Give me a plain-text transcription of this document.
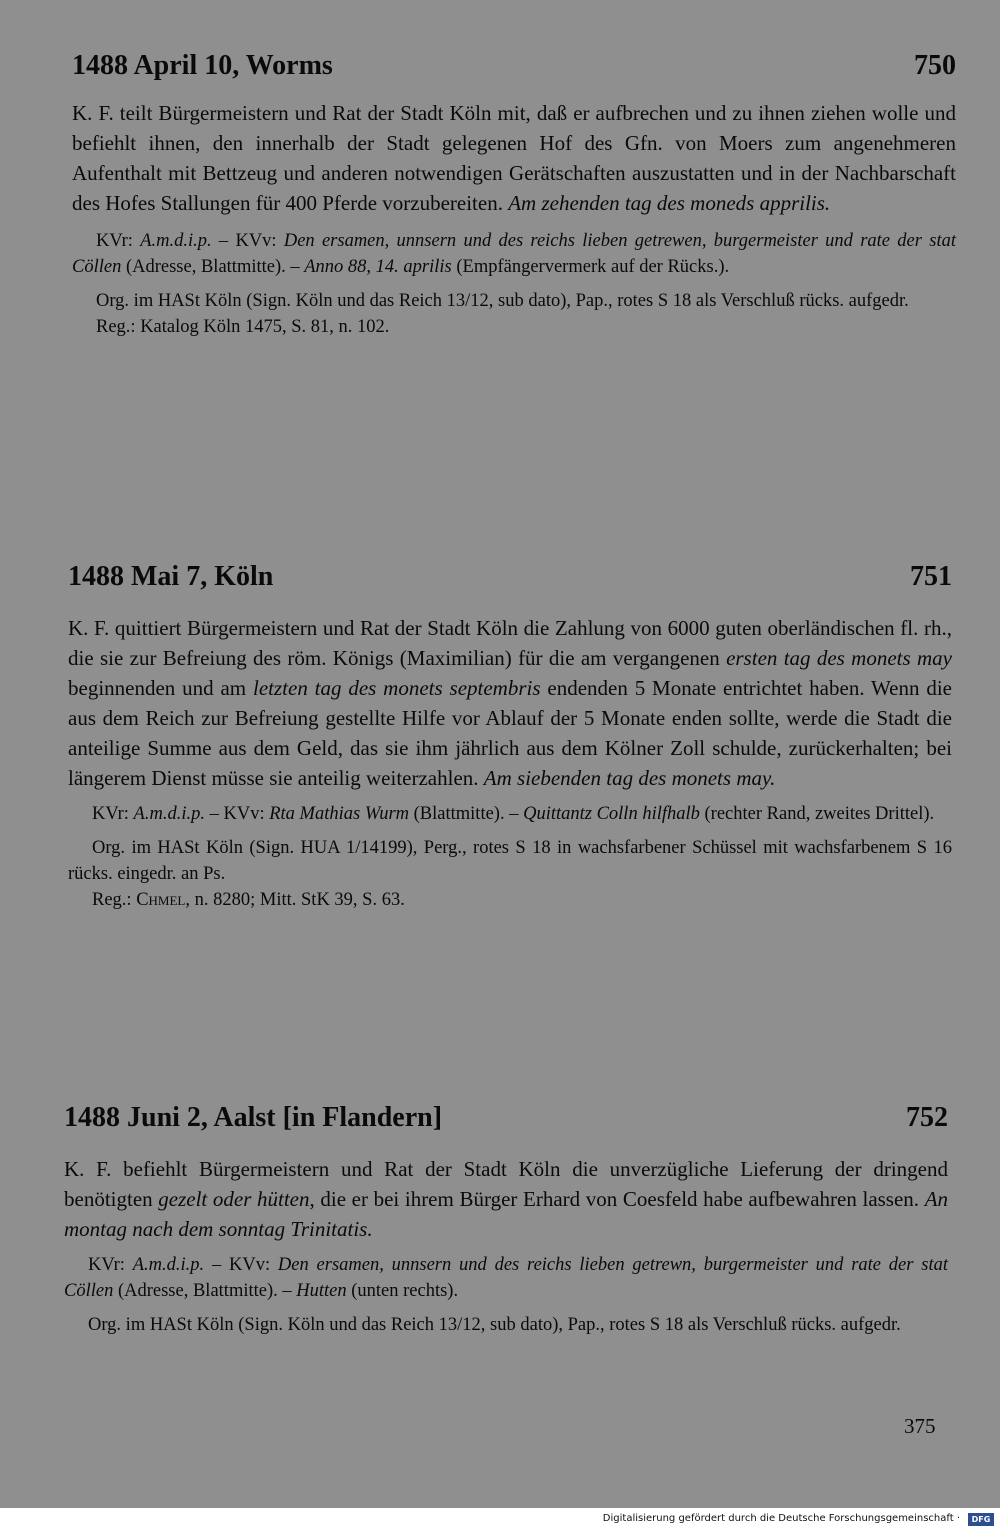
1488 April 10, Worms	750
K. F. teilt Bürgermeistern und Rat der Stadt Köln mit, daß er aufbrechen und zu ihnen ziehen wolle und befiehlt ihnen, den innerhalb der Stadt gelegenen Hof des Gfn. von Moers zum angenehmeren Aufenthalt mit Bettzeug und anderen notwendigen Gerätschaften auszustatten und in der Nachbarschaft des Hofes Stallungen für 400 Pferde vorzubereiten. Am zehenden tag des moneds apprilis.
KVr: A.m.d.i.p. – KVv: Den ersamen, unnsern und des reichs lieben getrewen, burgermeister und rate der stat Cöllen (Adresse, Blattmitte). – Anno 88, 14. aprilis (Empfängervermerk auf der Rücks.).
Org. im HASt Köln (Sign. Köln und das Reich 13/12, sub dato), Pap., rotes S 18 als Verschluß rücks. aufgedr.
Reg.: Katalog Köln 1475, S. 81, n. 102.
1488 Mai 7, Köln	751
K. F. quittiert Bürgermeistern und Rat der Stadt Köln die Zahlung von 6000 guten oberländischen fl. rh., die sie zur Befreiung des röm. Königs (Maximilian) für die am vergangenen ersten tag des monets may beginnenden und am letzten tag des monets septembris endenden 5 Monate entrichtet haben. Wenn die aus dem Reich zur Befreiung gestellte Hilfe vor Ablauf der 5 Monate enden sollte, werde die Stadt die anteilige Summe aus dem Geld, das sie ihm jährlich aus dem Kölner Zoll schulde, zurückerhalten; bei längerem Dienst müsse sie anteilig weiterzahlen. Am siebenden tag des monets may.
KVr: A.m.d.i.p. – KVv: Rta Mathias Wurm (Blattmitte). – Quittantz Colln hilfhalb (rechter Rand, zweites Drittel).
Org. im HASt Köln (Sign. HUA 1/14199), Perg., rotes S 18 in wachsfarbener Schüssel mit wachsfarbenem S 16 rücks. eingedr. an Ps.
Reg.: Chmel, n. 8280; Mitt. StK 39, S. 63.
1488 Juni 2, Aalst [in Flandern]	752
K. F. befiehlt Bürgermeistern und Rat der Stadt Köln die unverzügliche Lieferung der dringend benötigten gezelt oder hütten, die er bei ihrem Bürger Erhard von Coesfeld habe aufbewahren lassen. An montag nach dem sonntag Trinitatis.
KVr: A.m.d.i.p. – KVv: Den ersamen, unnsern und des reichs lieben getrewn, burgermeister und rate der stat Cöllen (Adresse, Blattmitte). – Hutten (unten rechts).
Org. im HASt Köln (Sign. Köln und das Reich 13/12, sub dato), Pap., rotes S 18 als Verschluß rücks. aufgedr.
375
Digitalisierung gefördert durch die Deutsche Forschungsgemeinschaft ·	DFG
